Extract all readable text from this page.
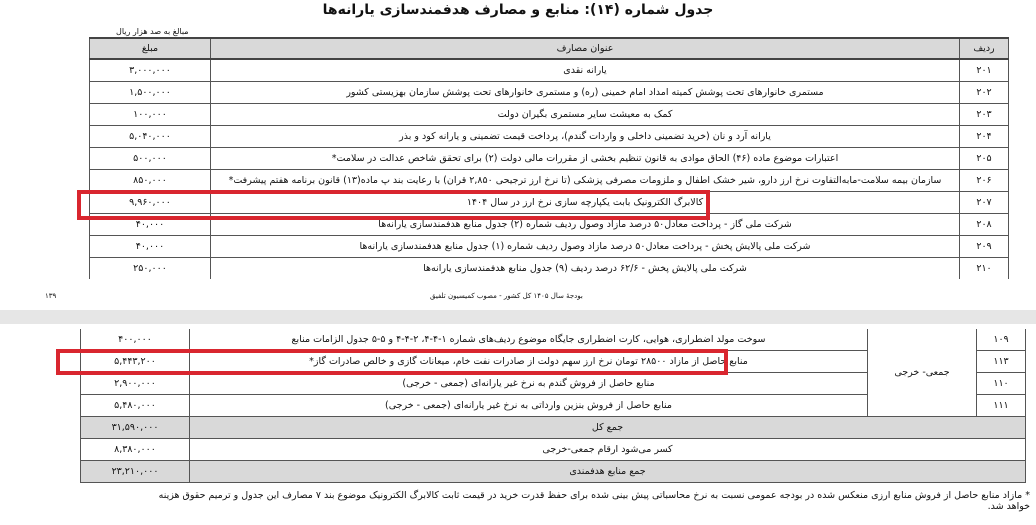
جدول شماره (۱۴): منابع و مصارف هدفمندسازی یارانه‌ها
مبالغ به صد هزار ریال
ردیف	عنوان مصارف	مبلغ
۲۰۱	یارانه نقدی	۳,۰۰۰,۰۰۰
۲۰۲	مستمری خانوارهای تحت پوشش کمیته امداد امام خمینی (ره) و مستمری خانوارهای تحت پوشش سازمان بهزیستی کشور	۱,۵۰۰,۰۰۰
۲۰۳	کمک به معیشت سایر مستمری بگیران دولت	۱۰۰,۰۰۰
۲۰۴	یارانه آرد و نان (خرید تضمینی داخلی و واردات گندم)، پرداخت قیمت تضمینی و یارانه کود و بذر	۵,۰۴۰,۰۰۰
۲۰۵	اعتبارات موضوع ماده (۴۶) الحاق موادی به قانون تنظیم بخشی از مقررات مالی دولت (۲) برای تحقق شاخص عدالت در سلامت*	۵۰۰,۰۰۰
۲۰۶	سازمان بیمه سلامت-مابه‌التفاوت نرخ ارز دارو، شیر خشک اطفال و ملزومات مصرفی پزشکی (تا نرخ ارز ترجیحی ۲,۸۵۰ قران) با رعایت بند پ ماده(۱۳) قانون برنامه هفتم پیشرفت*	۸۵۰,۰۰۰
۲۰۷	کالابرگ الکترونیک بابت یکپارچه سازی نرخ ارز در سال ۱۴۰۴	۹,۹۶۰,۰۰۰
۲۰۸	شرکت ملی گاز - پرداخت معادل۵۰ درصد مازاد وصول ردیف شماره (۲) جدول منابع هدفمندسازی یارانه‌ها	۴۰,۰۰۰
۲۰۹	شرکت ملی پالایش پخش - پرداخت معادل۵۰ درصد مازاد وصول ردیف شماره (۱) جدول منابع هدفمندسازی یارانه‌ها	۴۰,۰۰۰
۲۱۰	شرکت ملی پالایش پخش - ۶۲/۶ درصد ردیف (۹) جدول منابع هدفمندسازی یارانه‌ها	۲۵۰,۰۰۰
بودجهٔ سال ۱۴۰۵ کل کشور - مصوب کمیسیون تلفیق
۱۳۹
۱۰۹	جمعی- خرجی	سوخت مولد اضطراری، هوایی، کارت اضطراری جایگاه موضوع ردیف‌های شماره ۱-۴-۴، ۲-۴-۴ و ۵-۵ جدول الزامات منابع	۴۰۰,۰۰۰
۱۱۳		منابع حاصل از مازاد ۲۸۵۰۰ تومان نرخ ارز سهم دولت از صادرات نفت خام، میعانات گازی و خالص صادرات گاز*	۵,۴۴۳,۲۰۰
۱۱۰		منابع حاصل از فروش گندم به نرخ غیر یارانه‌ای (جمعی - خرجی)	۲,۹۰۰,۰۰۰
۱۱۱		منابع حاصل از فروش بنزین وارداتی به نرخ غیر یارانه‌ای (جمعی - خرجی)	۵,۴۸۰,۰۰۰
جمع کل			۳۱,۵۹۰,۰۰۰
کسر می‌شود ارقام جمعی-خرجی			۸,۳۸۰,۰۰۰
جمع منابع هدفمندی			۲۳,۲۱۰,۰۰۰
* مازاد منابع حاصل از فروش منابع ارزی منعکس شده در بودجه عمومی نسبت به نرخ محاسباتی پیش بینی شده برای حفظ قدرت خرید در قیمت ثابت کالابرگ الکترونیک موضوع بند ۷ مصارف این جدول و ترمیم حقوق هزینه خواهد شد.
